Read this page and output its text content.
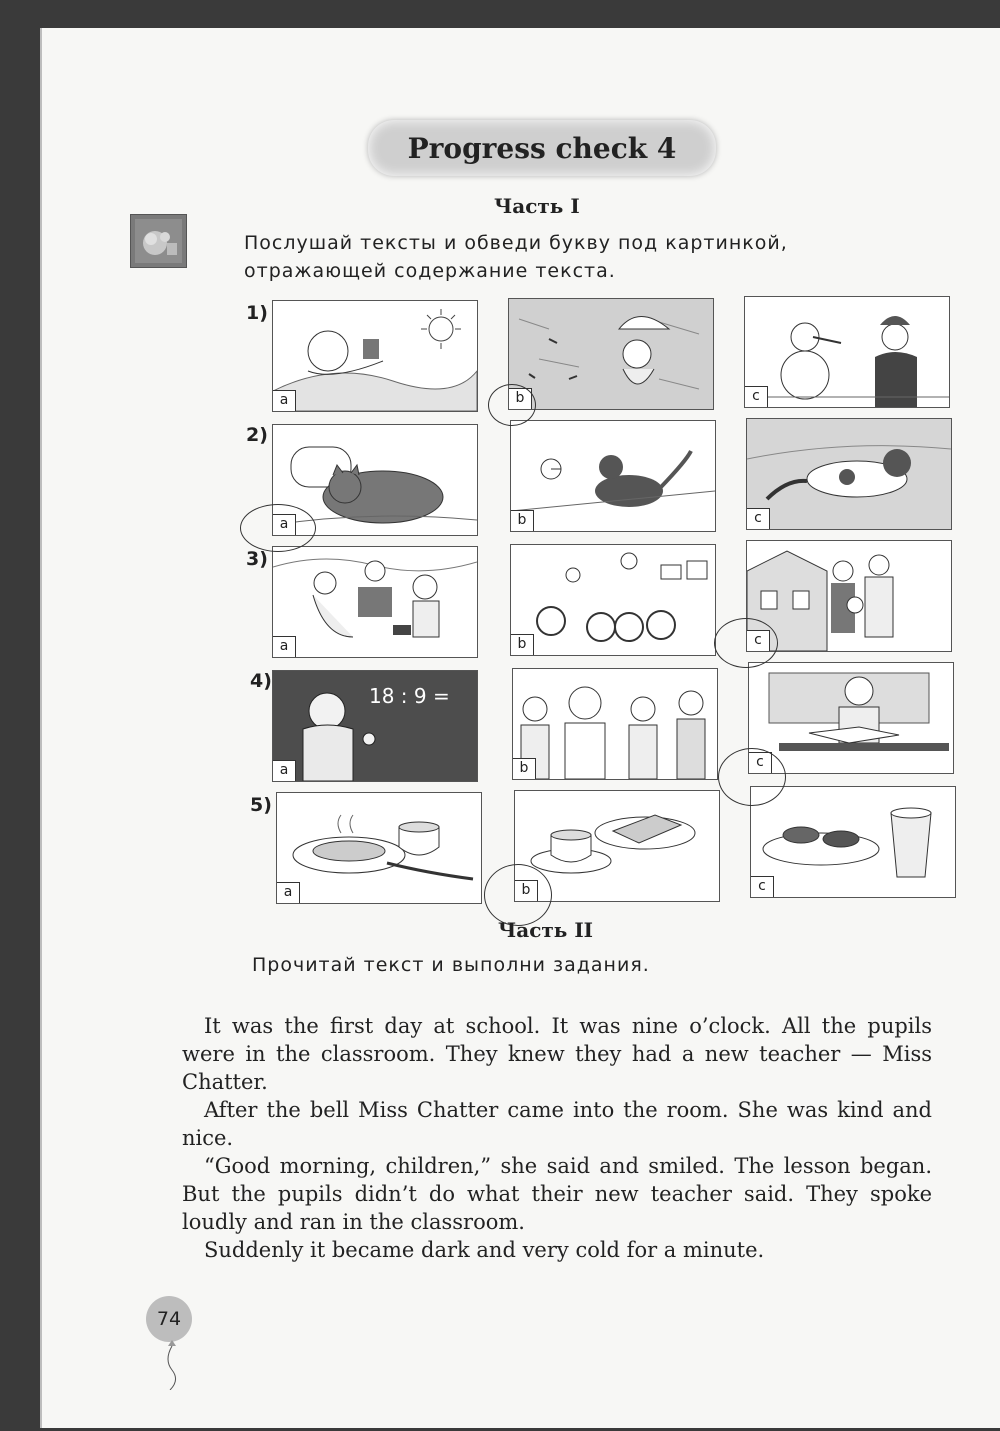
Progress check 4
Часть I
Послушай тексты и обведи букву под картинкой,
отражающей содержание текста.
1)
2)
3)
4)
5)
a	b	c
a	b	c
a	b	c
18 : 9 =
a	b	c
a	b	c
Часть II
Прочитай текст и выполни задания.

It was the first day at school. It was nine o’clock. All the pupils were in the classroom. They knew they had a new teacher — Miss Chatter.

After the bell Miss Chatter came into the room. She was kind and nice.

“Good morning, children,” she said and smiled. The lesson began. But the pupils didn’t do what their new teacher said. They spoke loudly and ran in the classroom.

Suddenly it became dark and very cold for a minute.

74
